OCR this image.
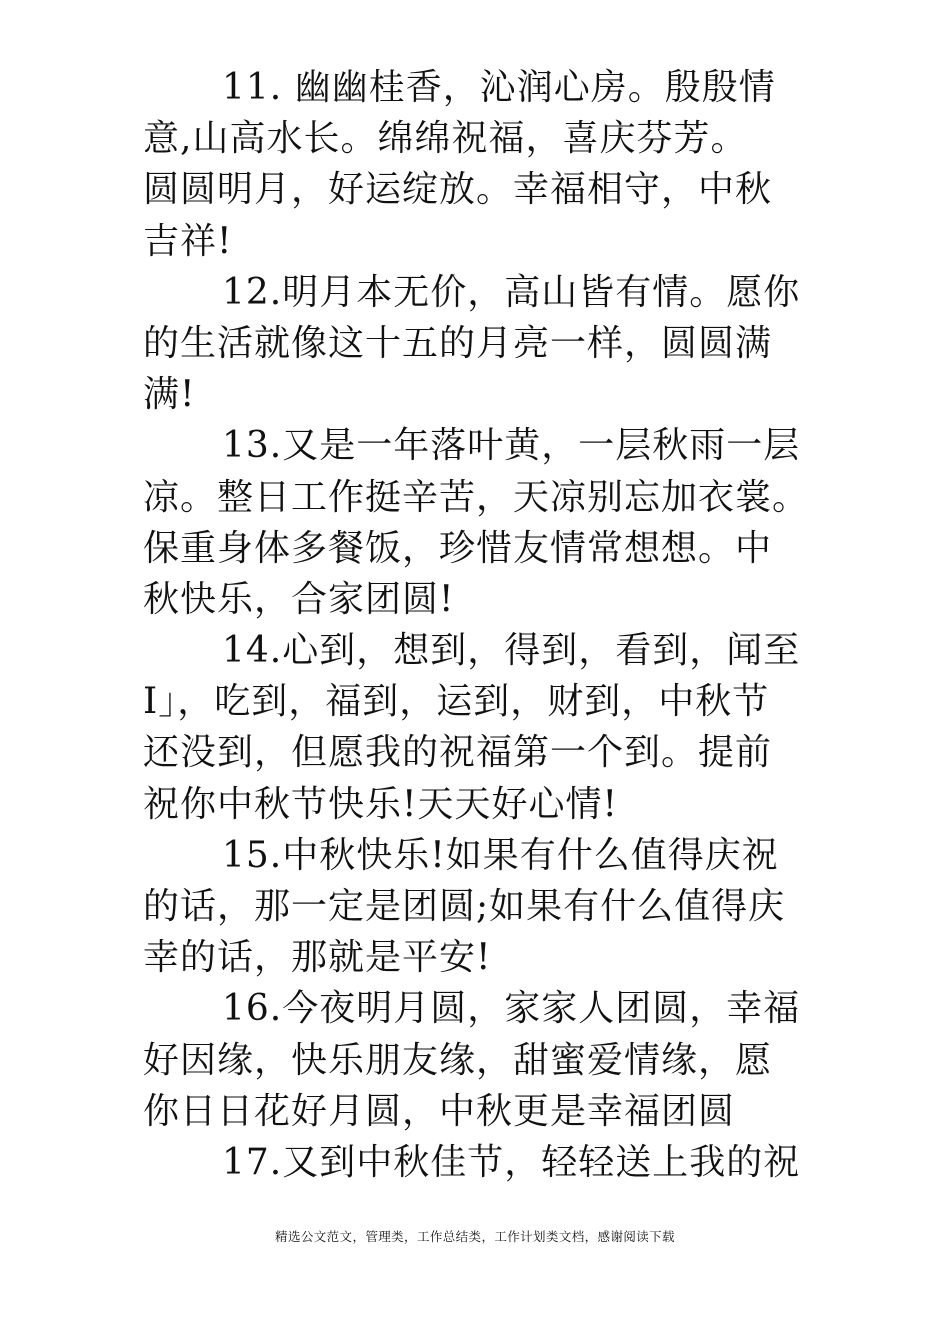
11. 幽幽桂香，沁润心房。殷殷情
意,山高水长。绵绵祝福，喜庆芬芳。
圆圆明月，好运绽放。幸福相守，中秋
吉祥!
12.明月本无价，高山皆有情。愿你
的生活就像这十五的月亮一样，圆圆满
满!
13.又是一年落叶黄，一层秋雨一层
凉。整日工作挺辛苦，天凉别忘加衣裳。
保重身体多餐饭，珍惜友情常想想。中
秋快乐，合家团圆!
14.心到，想到，得到，看到，闻至
I」，吃到，福到，运到，财到，中秋节
还没到，但愿我的祝福第一个到。提前
祝你中秋节快乐!天天好心情!
15.中秋快乐!如果有什么值得庆祝
的话，那一定是团圆;如果有什么值得庆
幸的话，那就是平安!
16.今夜明月圆，家家人团圆，幸福
好因缘，快乐朋友缘，甜蜜爱情缘，愿
你日日花好月圆，中秋更是幸福团圆
17.又到中秋佳节，轻轻送上我的祝
精选公文范文，管理类，工作总结类，工作计划类文档，感谢阅读下载
